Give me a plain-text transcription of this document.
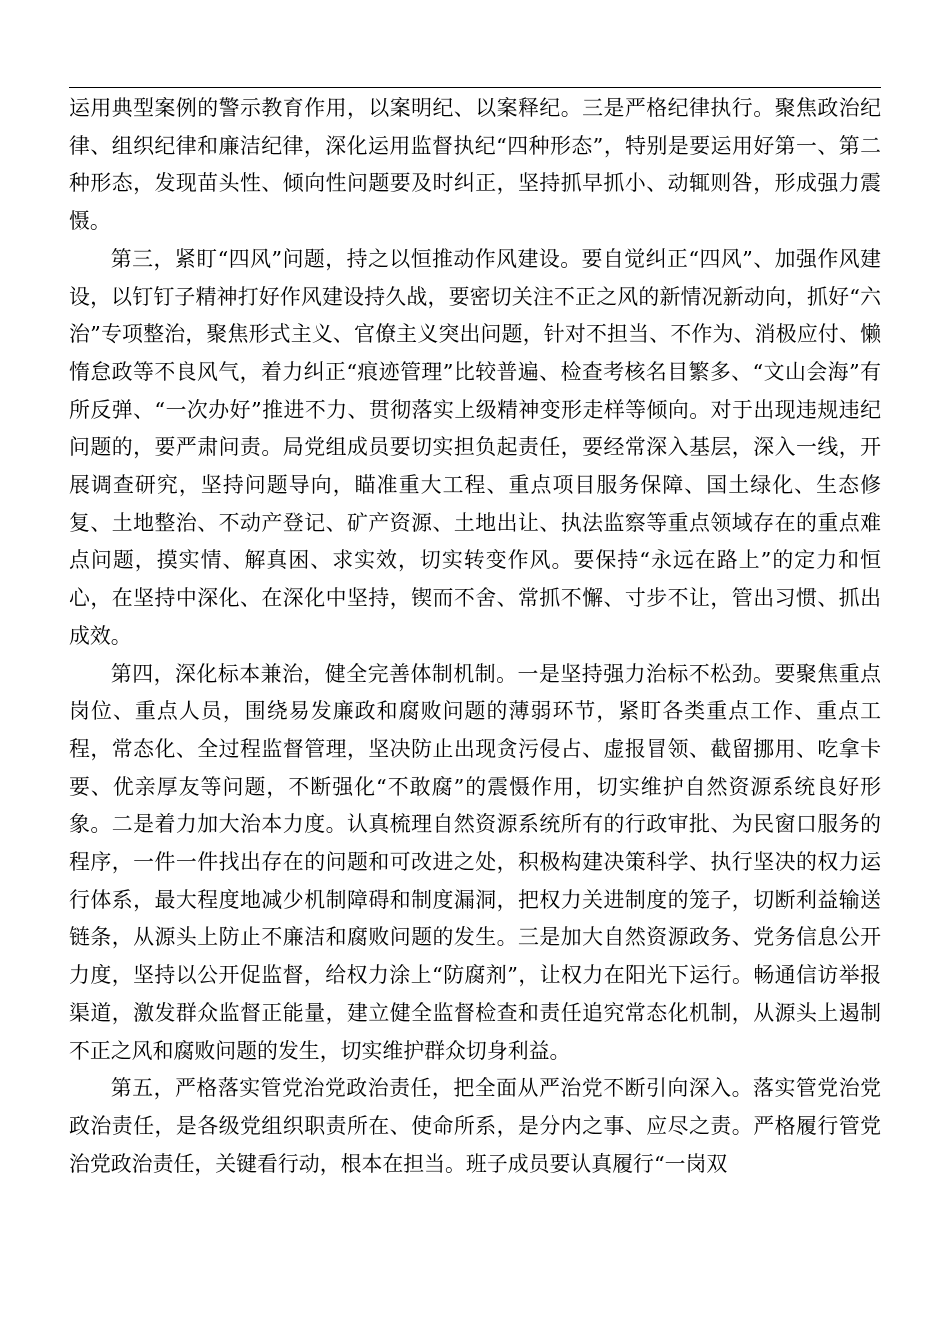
运用典型案例的警示教育作用，以案明纪、以案释纪。三是严格纪律执行。聚焦政治纪律、组织纪律和廉洁纪律，深化运用监督执纪“四种形态”，特别是要运用好第一、第二种形态，发现苗头性、倾向性问题要及时纠正，坚持抓早抓小、动辄则咎，形成强力震慑。

第三，紧盯“四风”问题，持之以恒推动作风建设。要自觉纠正“四风”、加强作风建设，以钉钉子精神打好作风建设持久战，要密切关注不正之风的新情况新动向，抓好“六治”专项整治，聚焦形式主义、官僚主义突出问题，针对不担当、不作为、消极应付、懒惰怠政等不良风气，着力纠正“痕迹管理”比较普遍、检查考核名目繁多、“文山会海”有所反弹、“一次办好”推进不力、贯彻落实上级精神变形走样等倾向。对于出现违规违纪问题的，要严肃问责。局党组成员要切实担负起责任，要经常深入基层，深入一线，开展调查研究，坚持问题导向，瞄准重大工程、重点项目服务保障、国土绿化、生态修复、土地整治、不动产登记、矿产资源、土地出让、执法监察等重点领域存在的重点难点问题，摸实情、解真困、求实效，切实转变作风。要保持“永远在路上”的定力和恒心，在坚持中深化、在深化中坚持，锲而不舍、常抓不懈、寸步不让，管出习惯、抓出成效。

第四，深化标本兼治，健全完善体制机制。一是坚持强力治标不松劲。要聚焦重点岗位、重点人员，围绕易发廉政和腐败问题的薄弱环节，紧盯各类重点工作、重点工程，常态化、全过程监督管理，坚决防止出现贪污侵占、虚报冒领、截留挪用、吃拿卡要、优亲厚友等问题，不断强化“不敢腐”的震慑作用，切实维护自然资源系统良好形象。二是着力加大治本力度。认真梳理自然资源系统所有的行政审批、为民窗口服务的程序，一件一件找出存在的问题和可改进之处，积极构建决策科学、执行坚决的权力运行体系，最大程度地减少机制障碍和制度漏洞，把权力关进制度的笼子，切断利益输送链条，从源头上防止不廉洁和腐败问题的发生。三是加大自然资源政务、党务信息公开力度，坚持以公开促监督，给权力涂上“防腐剂”，让权力在阳光下运行。畅通信访举报渠道，激发群众监督正能量，建立健全监督检查和责任追究常态化机制，从源头上遏制不正之风和腐败问题的发生，切实维护群众切身利益。

第五，严格落实管党治党政治责任，把全面从严治党不断引向深入。落实管党治党政治责任，是各级党组织职责所在、使命所系，是分内之事、应尽之责。严格履行管党治党政治责任，关键看行动，根本在担当。班子成员要认真履行“一岗双
